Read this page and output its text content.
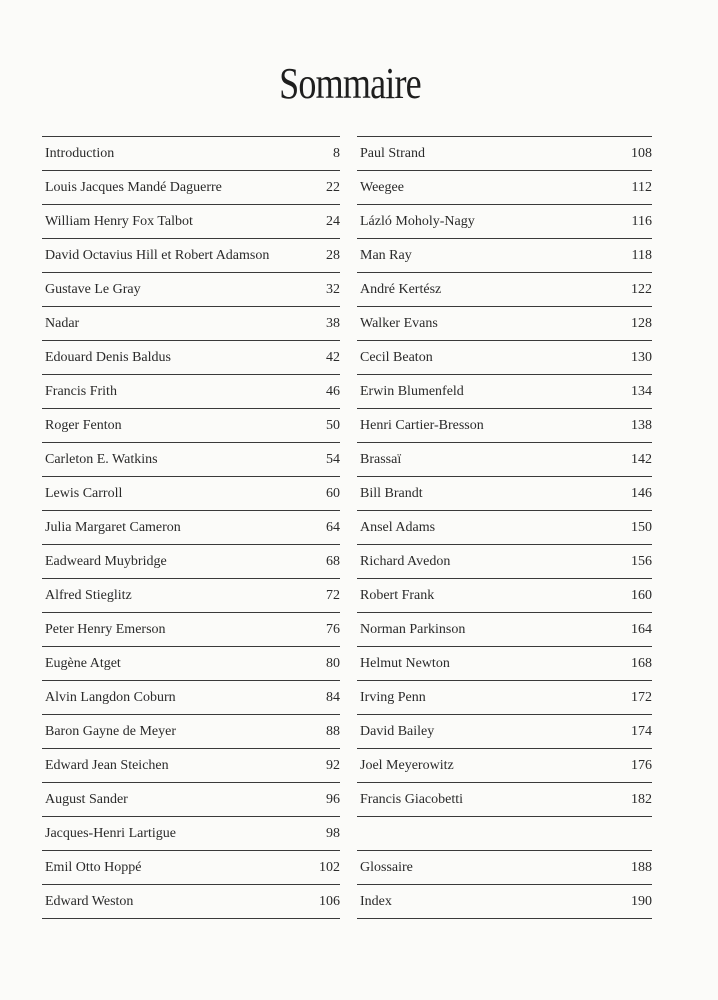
Sommaire
Introduction	8
Louis Jacques Mandé Daguerre	22
William Henry Fox Talbot	24
David Octavius Hill et Robert Adamson	28
Gustave Le Gray	32
Nadar	38
Edouard Denis Baldus	42
Francis Frith	46
Roger Fenton	50
Carleton E. Watkins	54
Lewis Carroll	60
Julia Margaret Cameron	64
Eadweard Muybridge	68
Alfred Stieglitz	72
Peter Henry Emerson	76
Eugène Atget	80
Alvin Langdon Coburn	84
Baron Gayne de Meyer	88
Edward Jean Steichen	92
August Sander	96
Jacques-Henri Lartigue	98
Emil Otto Hoppé	102
Edward Weston	106
Paul Strand	108
Weegee	112
Lázló Moholy-Nagy	116
Man Ray	118
André Kertész	122
Walker Evans	128
Cecil Beaton	130
Erwin Blumenfeld	134
Henri Cartier-Bresson	138
Brassaï	142
Bill Brandt	146
Ansel Adams	150
Richard Avedon	156
Robert Frank	160
Norman Parkinson	164
Helmut Newton	168
Irving Penn	172
David Bailey	174
Joel Meyerowitz	176
Francis Giacobetti	182
Glossaire	188
Index	190
